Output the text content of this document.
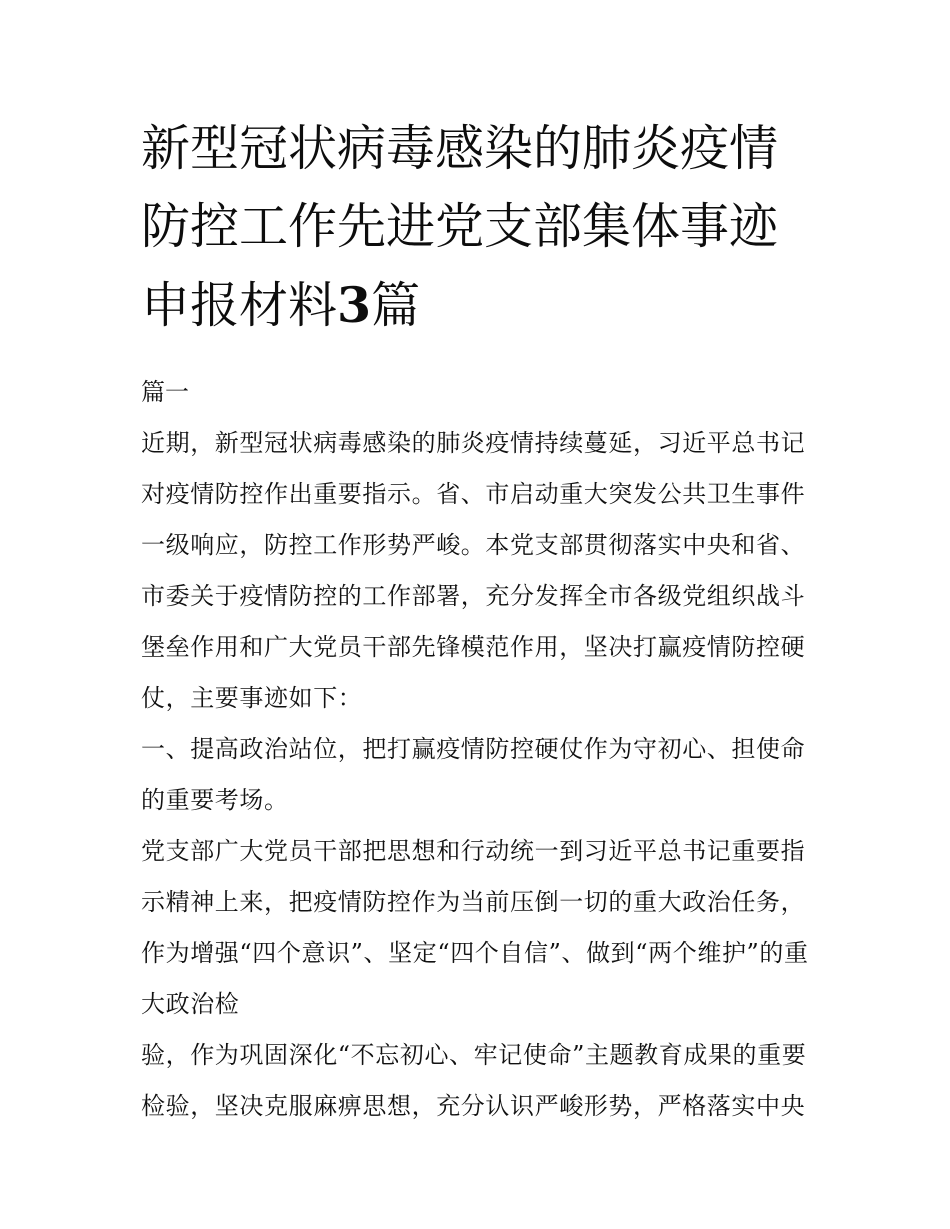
新型冠状病毒感染的肺炎疫情
防控工作先进党支部集体事迹
申报材料3篇
篇一

近期，新型冠状病毒感染的肺炎疫情持续蔓延，习近平总书记

对疫情防控作出重要指示。省、市启动重大突发公共卫生事件

一级响应，防控工作形势严峻。本党支部贯彻落实中央和省、

市委关于疫情防控的工作部署，充分发挥全市各级党组织战斗

堡垒作用和广大党员干部先锋模范作用，坚决打赢疫情防控硬

仗，主要事迹如下：

一、提高政治站位，把打赢疫情防控硬仗作为守初心、担使命

的重要考场。

党支部广大党员干部把思想和行动统一到习近平总书记重要指

示精神上来，把疫情防控作为当前压倒一切的重大政治任务，

作为增强“四个意识”、坚定“四个自信”、做到“两个维护”的重

大政治检

验，作为巩固深化“不忘初心、牢记使命”主题教育成果的重要

检验，坚决克服麻痹思想，充分认识严峻形势，严格落实中央
